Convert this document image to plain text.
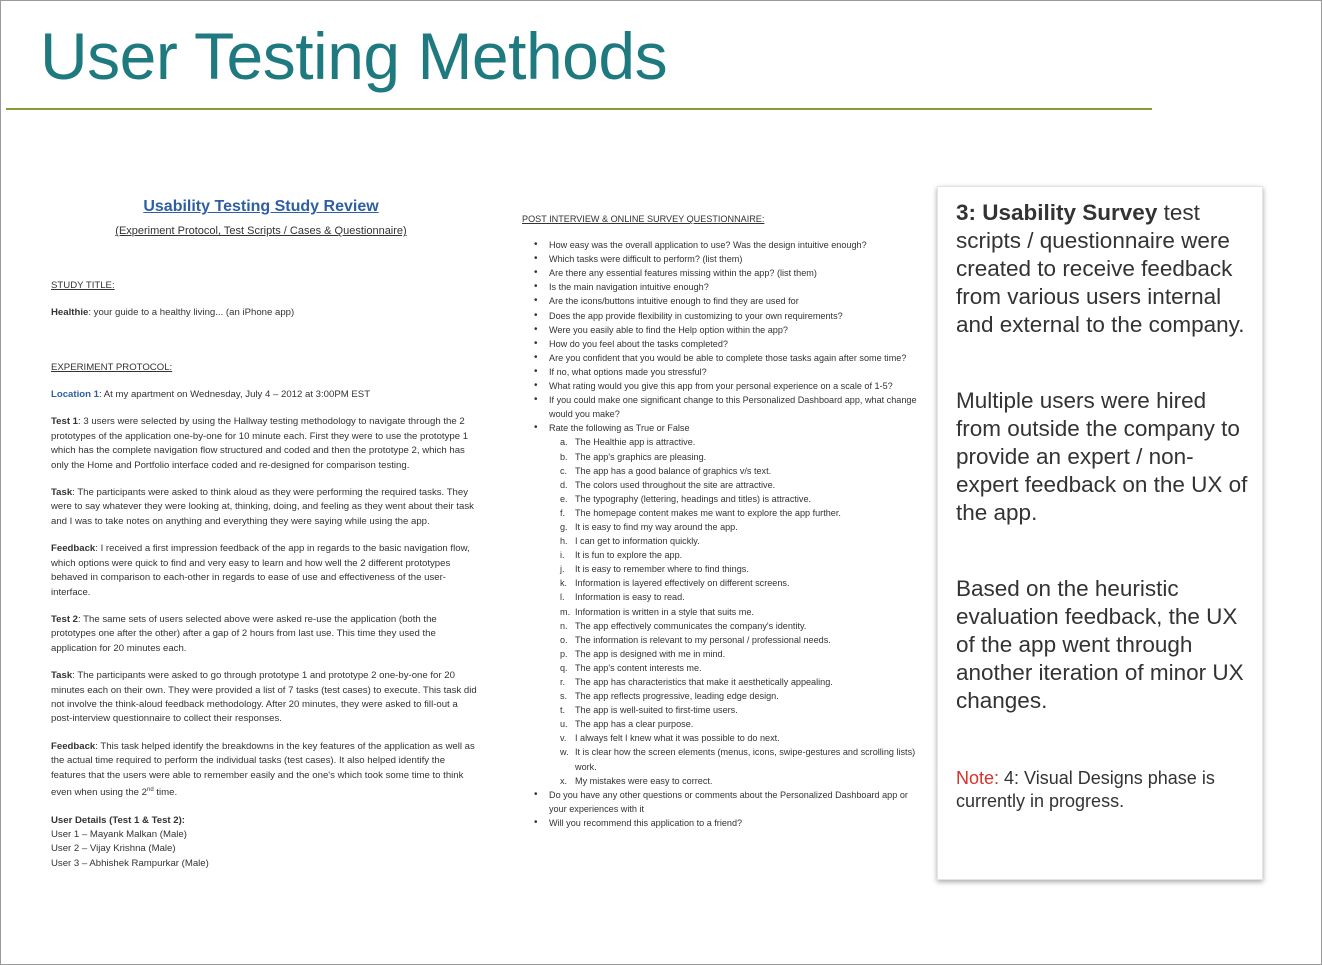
User Testing Methods
Usability Testing Study Review
(Experiment Protocol, Test Scripts / Cases & Questionnaire)
STUDY TITLE:
Healthie: your guide to a healthy living... (an iPhone app)
EXPERIMENT PROTOCOL:
Location 1: At my apartment on Wednesday, July 4 – 2012 at 3:00PM EST
Test 1: 3 users were selected by using the Hallway testing methodology to navigate through the 2 prototypes of the application one-by-one for 10 minute each. First they were to use the prototype 1 which has the complete navigation flow structured and coded and then the prototype 2, which has only the Home and Portfolio interface coded and re-designed for comparison testing.
Task: The participants were asked to think aloud as they were performing the required tasks. They were to say whatever they were looking at, thinking, doing, and feeling as they went about their task and I was to take notes on anything and everything they were saying while using the app.
Feedback: I received a first impression feedback of the app in regards to the basic navigation flow, which options were quick to find and very easy to learn and how well the 2 different prototypes behaved in comparison to each-other in regards to ease of use and effectiveness of the user-interface.
Test 2: The same sets of users selected above were asked re-use the application (both the prototypes one after the other) after a gap of 2 hours from last use. This time they used the application for 20 minutes each.
Task: The participants were asked to go through prototype 1 and prototype 2 one-by-one for 20 minutes each on their own. They were provided a list of 7 tasks (test cases) to execute. This task did not involve the think-aloud feedback methodology. After 20 minutes, they were asked to fill-out a post-interview questionnaire to collect their responses.
Feedback: This task helped identify the breakdowns in the key features of the application as well as the actual time required to perform the individual tasks (test cases). It also helped identify the features that the users were able to remember easily and the one's which took some time to think even when using the 2nd time.
User Details (Test 1 & Test 2):
User 1 – Mayank Malkan (Male)
User 2 – Vijay Krishna (Male)
User 3 – Abhishek Rampurkar (Male)
POST INTERVIEW & ONLINE SURVEY QUESTIONNAIRE:
• How easy was the overall application to use? Was the design intuitive enough?
• Which tasks were difficult to perform? (list them)
• Are there any essential features missing within the app? (list them)
• Is the main navigation intuitive enough?
• Are the icons/buttons intuitive enough to find they are used for
• Does the app provide flexibility in customizing to your own requirements?
• Were you easily able to find the Help option within the app?
• How do you feel about the tasks completed?
• Are you confident that you would be able to complete those tasks again after some time?
• If no, what options made you stressful?
• What rating would you give this app from your personal experience on a scale of 1-5?
• If you could make one significant change to this Personalized Dashboard app, what change would you make?
• Rate the following as True or False
a. The Healthie app is attractive.
b. The app's graphics are pleasing.
c. The app has a good balance of graphics v/s text.
d. The colors used throughout the site are attractive.
e. The typography (lettering, headings and titles) is attractive.
f. The homepage content makes me want to explore the app further.
g. It is easy to find my way around the app.
h. I can get to information quickly.
i. It is fun to explore the app.
j. It is easy to remember where to find things.
k. Information is layered effectively on different screens.
l. Information is easy to read.
m. Information is written in a style that suits me.
n. The app effectively communicates the company's identity.
o. The information is relevant to my personal / professional needs.
p. The app is designed with me in mind.
q. The app's content interests me.
r. The app has characteristics that make it aesthetically appealing.
s. The app reflects progressive, leading edge design.
t. The app is well-suited to first-time users.
u. The app has a clear purpose.
v. I always felt I knew what it was possible to do next.
w. It is clear how the screen elements (menus, icons, swipe-gestures and scrolling lists) work.
x. My mistakes were easy to correct.
• Do you have any other questions or comments about the Personalized Dashboard app or your experiences with it
• Will you recommend this application to a friend?
3: Usability Survey test scripts / questionnaire were created to receive feedback from various users internal and external to the company.
Multiple users were hired from outside the company to provide an expert / non-expert feedback on the UX of the app.
Based on the heuristic evaluation feedback, the UX of the app went through another iteration of minor UX changes.
Note: 4: Visual Designs phase is currently in progress.
